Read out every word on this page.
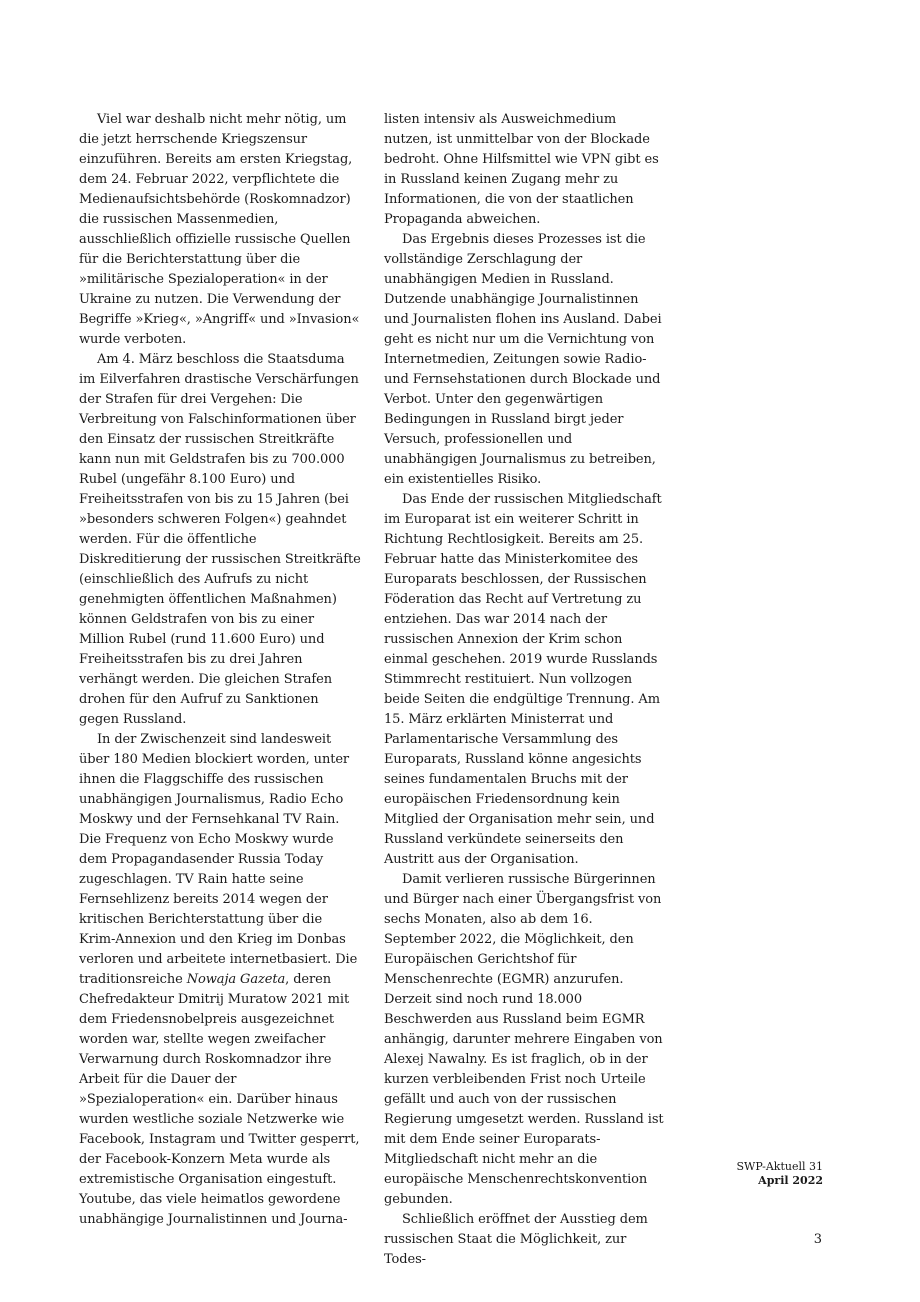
Viel war deshalb nicht mehr nötig, um die jetzt herrschende Kriegszensur einzuführen. Bereits am ersten Kriegstag, dem 24. Februar 2022, verpflichtete die Medienaufsichtsbehörde (Roskomnadzor) die russischen Massenmedien, ausschließlich offizielle russische Quellen für die Berichterstattung über die »militärische Spezialoperation« in der Ukraine zu nutzen. Die Verwendung der Begriffe »Krieg«, »Angriff« und »Invasion« wurde verboten.

Am 4. März beschloss die Staatsduma im Eilverfahren drastische Verschärfungen der Strafen für drei Vergehen: Die Verbreitung von Falschinformationen über den Einsatz der russischen Streitkräfte kann nun mit Geldstrafen bis zu 700.000 Rubel (ungefähr 8.100 Euro) und Freiheitsstrafen von bis zu 15 Jahren (bei »besonders schweren Folgen«) geahndet werden. Für die öffentliche Diskreditierung der russischen Streitkräfte (einschließlich des Aufrufs zu nicht genehmigten öffentlichen Maßnahmen) können Geldstrafen von bis zu einer Million Rubel (rund 11.600 Euro) und Freiheitsstrafen bis zu drei Jahren verhängt werden. Die gleichen Strafen drohen für den Aufruf zu Sanktionen gegen Russland.

In der Zwischenzeit sind landesweit über 180 Medien blockiert worden, unter ihnen die Flaggschiffe des russischen unabhängigen Journalismus, Radio Echo Moskwy und der Fernsehkanal TV Rain. Die Frequenz von Echo Moskwy wurde dem Propagandasender Russia Today zugeschlagen. TV Rain hatte seine Fernsehlizenz bereits 2014 wegen der kritischen Berichterstattung über die Krim-Annexion und den Krieg im Donbas verloren und arbeitete internetbasiert. Die traditionsreiche Nowaja Gazeta, deren Chefredakteur Dmitrij Muratow 2021 mit dem Friedensnobelpreis ausgezeichnet worden war, stellte wegen zweifacher Verwarnung durch Roskomnadzor ihre Arbeit für die Dauer der »Spezialoperation« ein. Darüber hinaus wurden westliche soziale Netzwerke wie Facebook, Instagram und Twitter gesperrt, der Facebook-Konzern Meta wurde als extremistische Organisation eingestuft. Youtube, das viele heimatlos gewordene unabhängige Journalistinnen und Journa-

listen intensiv als Ausweichmedium nutzen, ist unmittelbar von der Blockade bedroht. Ohne Hilfsmittel wie VPN gibt es in Russland keinen Zugang mehr zu Informationen, die von der staatlichen Propaganda abweichen.

Das Ergebnis dieses Prozesses ist die vollständige Zerschlagung der unabhängigen Medien in Russland. Dutzende unabhängige Journalistinnen und Journalisten flohen ins Ausland. Dabei geht es nicht nur um die Vernichtung von Internetmedien, Zeitungen sowie Radio- und Fernsehstationen durch Blockade und Verbot. Unter den gegenwärtigen Bedingungen in Russland birgt jeder Versuch, professionellen und unabhängigen Journalismus zu betreiben, ein existentielles Risiko.

Das Ende der russischen Mitgliedschaft im Europarat ist ein weiterer Schritt in Richtung Rechtlosigkeit. Bereits am 25. Februar hatte das Ministerkomitee des Europarats beschlossen, der Russischen Föderation das Recht auf Vertretung zu entziehen. Das war 2014 nach der russischen Annexion der Krim schon einmal geschehen. 2019 wurde Russlands Stimmrecht restituiert. Nun vollzogen beide Seiten die endgültige Trennung. Am 15. März erklärten Ministerrat und Parlamentarische Versammlung des Europarats, Russland könne angesichts seines fundamentalen Bruchs mit der europäischen Friedensordnung kein Mitglied der Organisation mehr sein, und Russland verkündete seinerseits den Austritt aus der Organisation.

Damit verlieren russische Bürgerinnen und Bürger nach einer Übergangsfrist von sechs Monaten, also ab dem 16. September 2022, die Möglichkeit, den Europäischen Gerichtshof für Menschenrechte (EGMR) anzurufen. Derzeit sind noch rund 18.000 Beschwerden aus Russland beim EGMR anhängig, darunter mehrere Eingaben von Alexej Nawalny. Es ist fraglich, ob in der kurzen verbleibenden Frist noch Urteile gefällt und auch von der russischen Regierung umgesetzt werden. Russland ist mit dem Ende seiner Europarats-Mitgliedschaft nicht mehr an die europäische Menschenrechtskonvention gebunden.

Schließlich eröffnet der Ausstieg dem russischen Staat die Möglichkeit, zur Todes-

SWP-Aktuell 31
April 2022
3
